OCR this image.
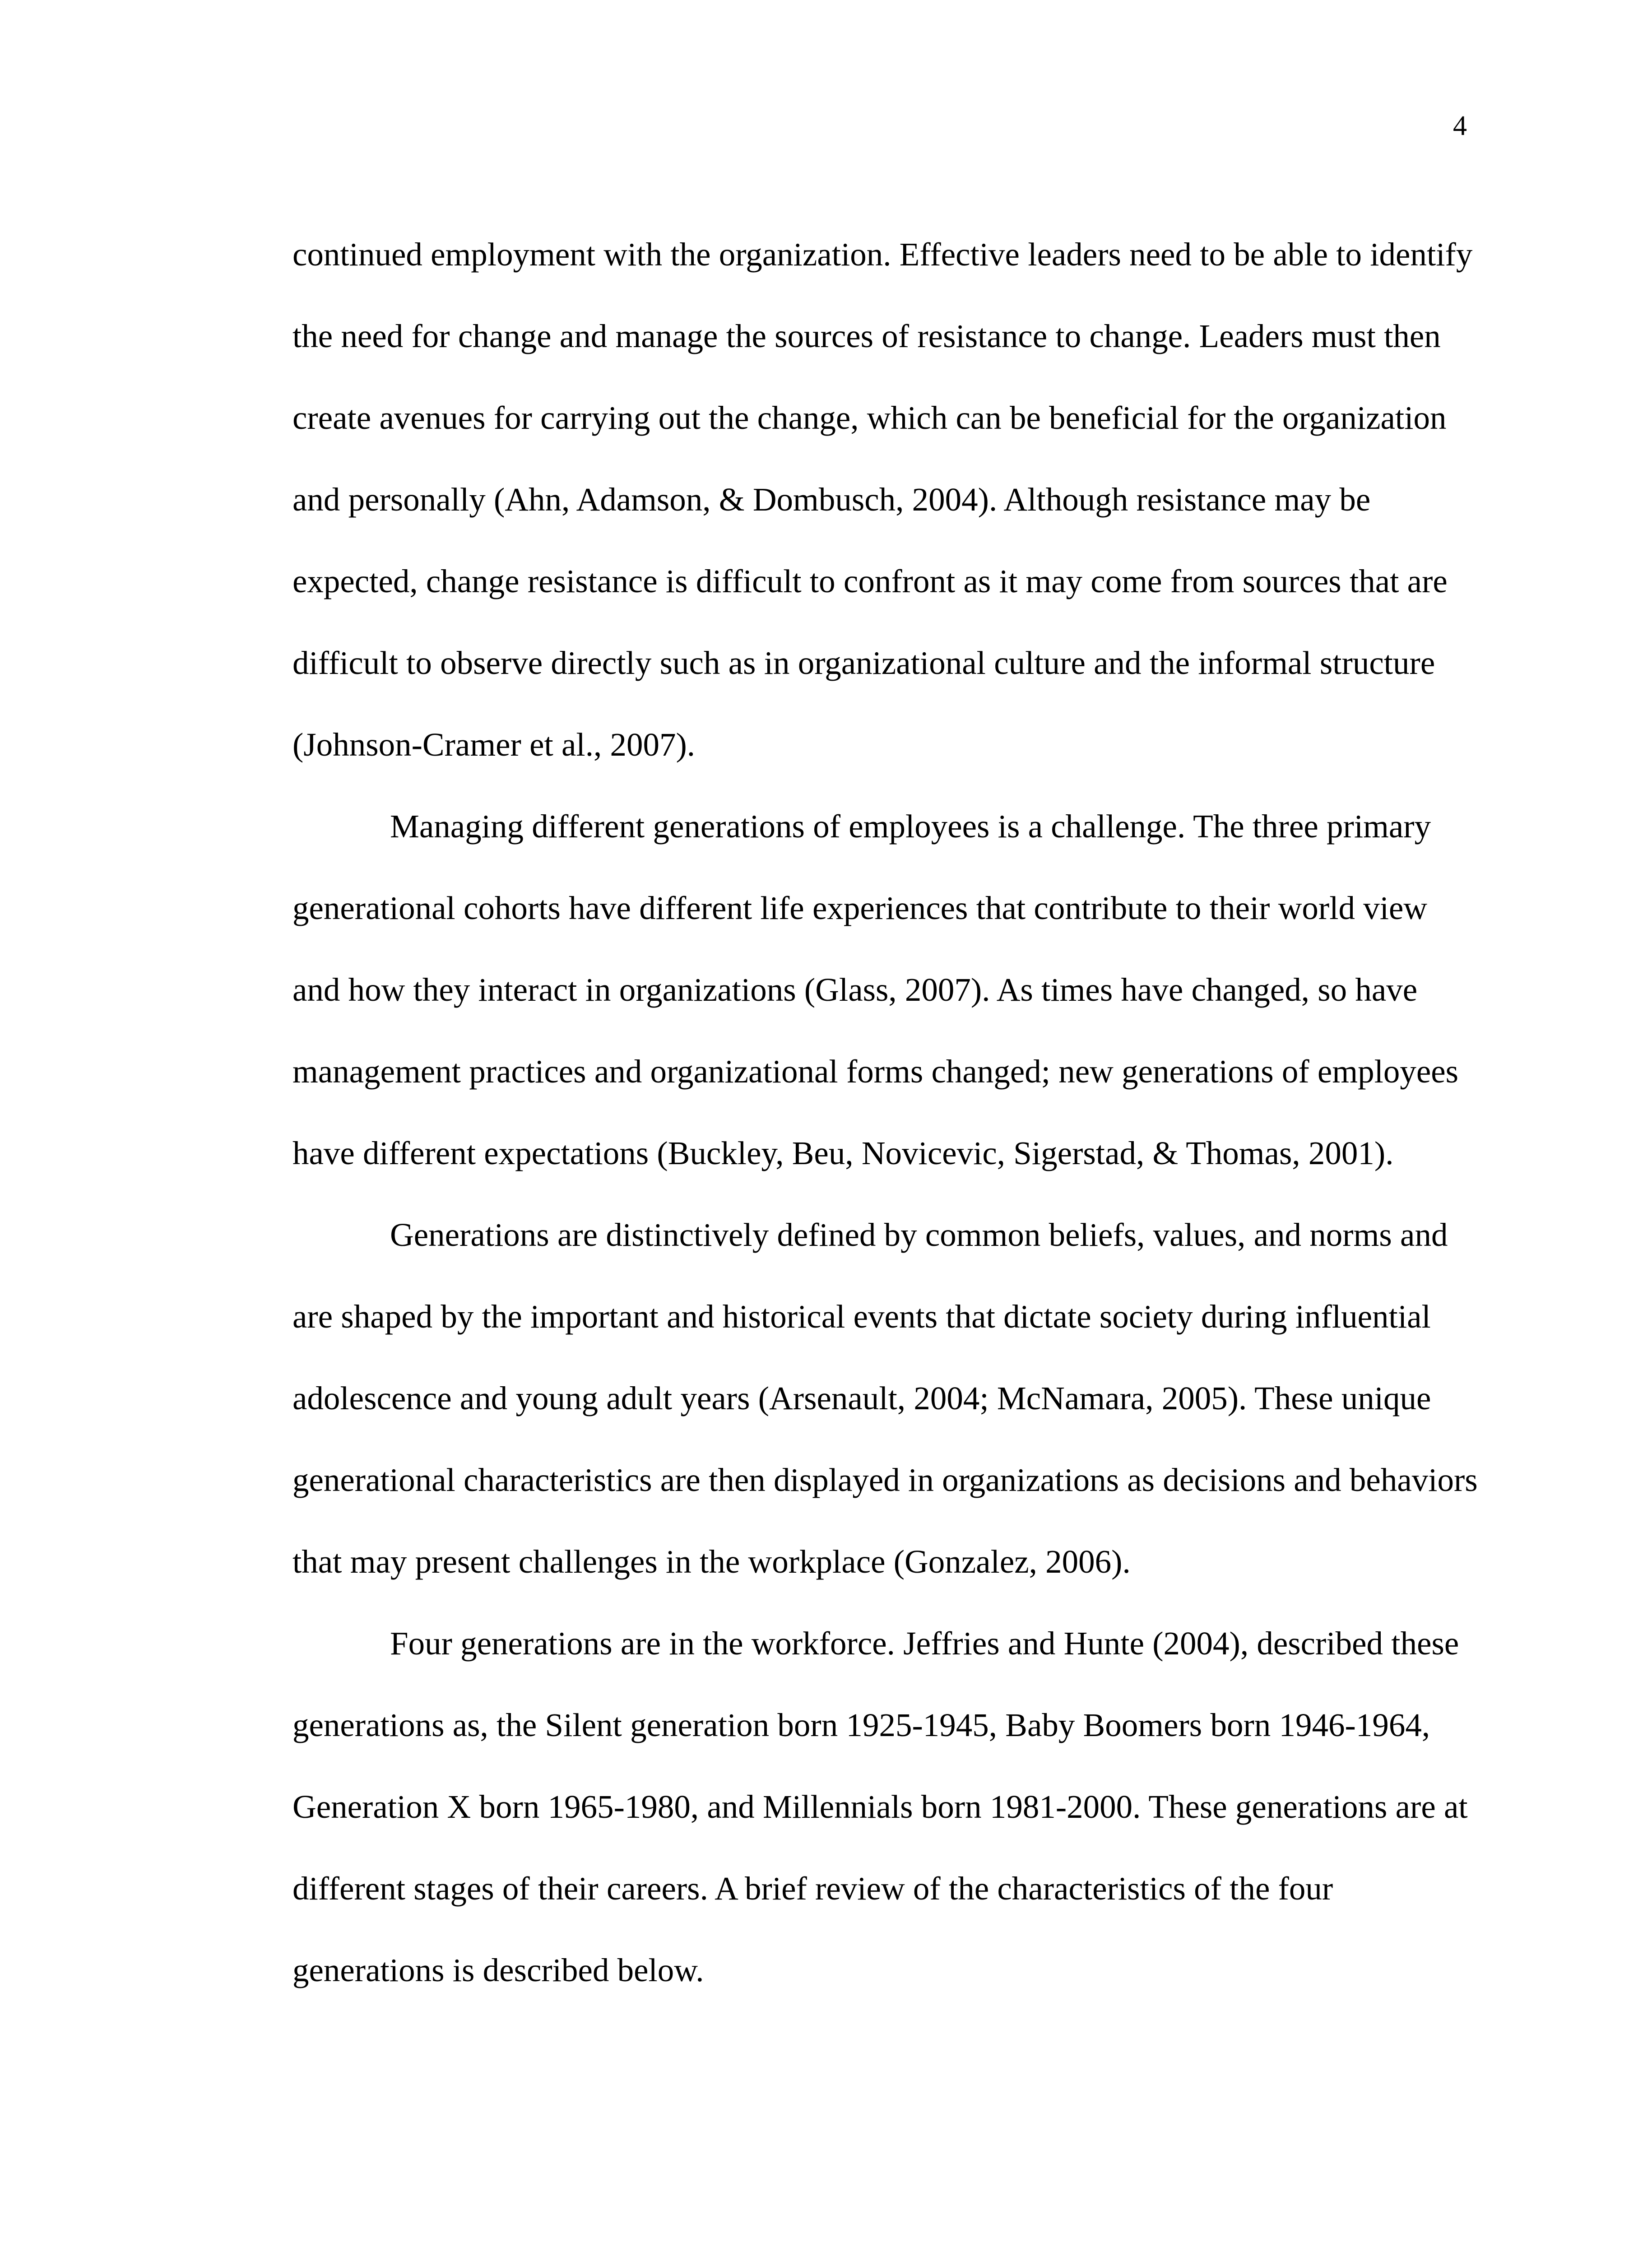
4

continued employment with the organization. Effective leaders need to be able to identify
the need for change and manage the sources of resistance to change. Leaders must then
create avenues for carrying out the change, which can be beneficial for the organization
and personally (Ahn, Adamson, & Dombusch, 2004). Although resistance may be
expected, change resistance is difficult to confront as it may come from sources that are
difficult to observe directly such as in organizational culture and the informal structure
(Johnson-Cramer et al., 2007).

Managing different generations of employees is a challenge. The three primary
generational cohorts have different life experiences that contribute to their world view
and how they interact in organizations (Glass, 2007). As times have changed, so have
management practices and organizational forms changed; new generations of employees
have different expectations (Buckley, Beu, Novicevic, Sigerstad, & Thomas, 2001).

Generations are distinctively defined by common beliefs, values, and norms and
are shaped by the important and historical events that dictate society during influential
adolescence and young adult years (Arsenault, 2004; McNamara, 2005). These unique
generational characteristics are then displayed in organizations as decisions and behaviors
that may present challenges in the workplace (Gonzalez, 2006).

Four generations are in the workforce. Jeffries and Hunte (2004), described these
generations as, the Silent generation born 1925-1945, Baby Boomers born 1946-1964,
Generation X born 1965-1980, and Millennials born 1981-2000. These generations are at
different stages of their careers. A brief review of the characteristics of the four
generations is described below.
